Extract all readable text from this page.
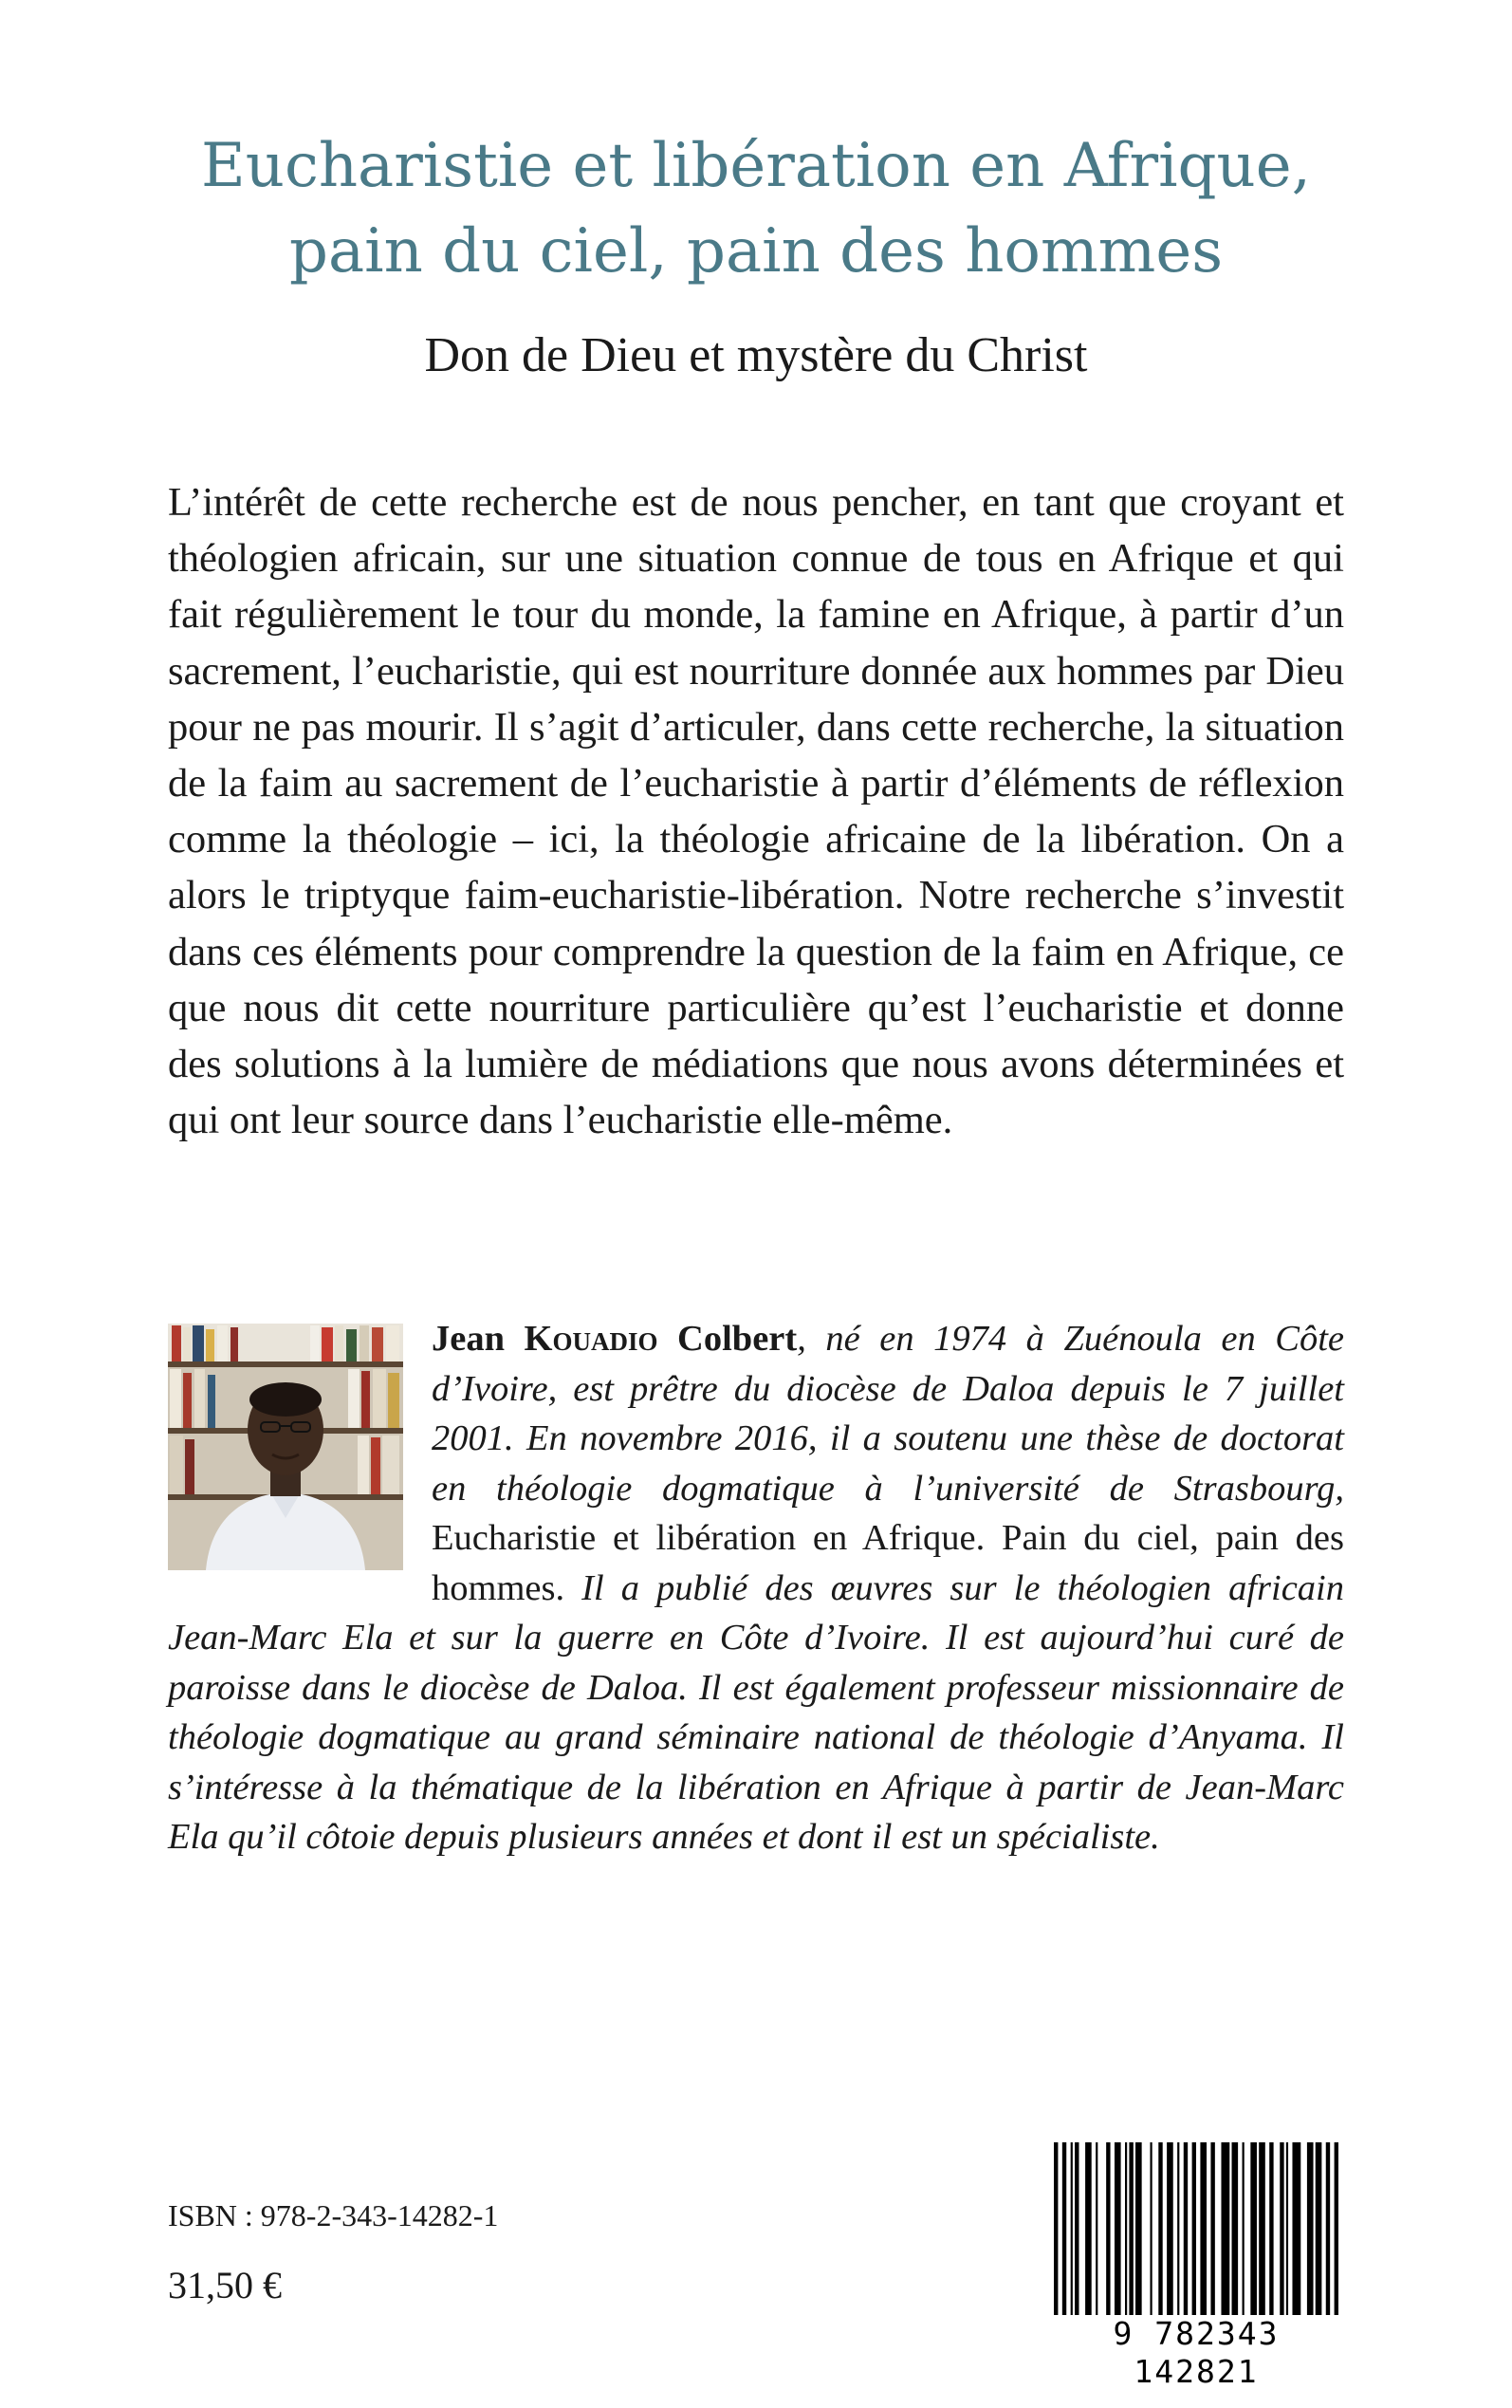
Eucharistie et libération en Afrique,
pain du ciel, pain des hommes
Don de Dieu et mystère du Christ

L’intérêt de cette recherche est de nous pencher, en tant que croyant et théologien africain, sur une situation connue de tous en Afrique et qui fait régulièrement le tour du monde, la famine en Afrique, à partir d’un sacrement, l’eucharistie, qui est nourriture donnée aux hommes par Dieu pour ne pas mourir. Il s’agit d’articuler, dans cette recherche, la situation de la faim au sacrement de l’eucharistie à partir d’éléments de réflexion comme la théologie – ici, la théologie africaine de la libération. On a alors le triptyque faim-eucharistie-libération. Notre recherche s’investit dans ces éléments pour comprendre la question de la faim en Afrique, ce que nous dit cette nourriture particulière qu’est l’eucharistie et donne des solutions à la lumière de médiations que nous avons déterminées et qui ont leur source dans l’eucharistie elle-même.

Jean Kouadio Colbert, né en 1974 à Zuénoula en Côte d’Ivoire, est prêtre du diocèse de Daloa depuis le 7 juillet 2001. En novembre 2016, il a soutenu une thèse de doctorat en théologie dogmatique à l’université de Strasbourg, Eucharistie et libération en Afrique. Pain du ciel, pain des hommes. Il a publié des œuvres sur le théologien africain Jean-Marc Ela et sur la guerre en Côte d’Ivoire. Il est aujourd’hui curé de paroisse dans le diocèse de Daloa. Il est également professeur missionnaire de théologie dogmatique au grand séminaire national de théologie d’Anyama. Il s’intéresse à la thématique de la libération en Afrique à partir de Jean-Marc Ela qu’il côtoie depuis plusieurs années et dont il est un spécialiste.

ISBN : 978-2-343-14282-1

31,50 €

9 782343 142821
